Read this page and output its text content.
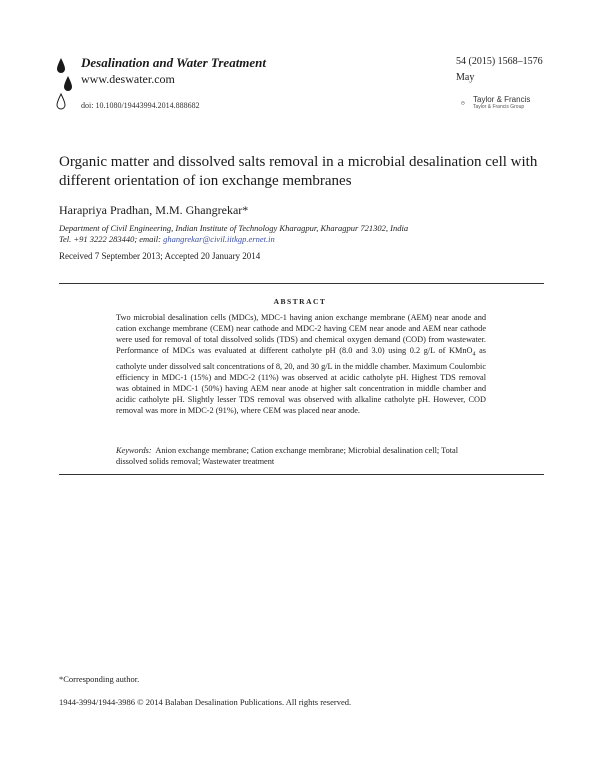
Desalination and Water Treatment
www.deswater.com
doi: 10.1080/19443994.2014.888682
54 (2015) 1568–1576
May
Taylor & Francis
Taylor & Francis Group
Organic matter and dissolved salts removal in a microbial desalination cell with different orientation of ion exchange membranes
Harapriya Pradhan, M.M. Ghangrekar*
Department of Civil Engineering, Indian Institute of Technology Kharagpur, Kharagpur 721302, India
Tel. +91 3222 283440; email: ghangrekar@civil.iitkgp.ernet.in
Received 7 September 2013; Accepted 20 January 2014
ABSTRACT
Two microbial desalination cells (MDCs), MDC-1 having anion exchange membrane (AEM) near anode and cation exchange membrane (CEM) near cathode and MDC-2 having CEM near anode and AEM near cathode were used for removal of total dissolved solids (TDS) and chemical oxygen demand (COD) from wastewater. Performance of MDCs was evaluated at different catholyte pH (8.0 and 3.0) using 0.2 g/L of KMnO$_4$ as catholyte under dissolved salt concentrations of 8, 20, and 30 g/L in the middle chamber. Maximum Coulombic efficiency in MDC-1 (15%) and MDC-2 (11%) was observed at acidic catholyte pH. Highest TDS removal was obtained in MDC-1 (50%) having AEM near anode at higher salt concentration in middle chamber and acidic catholyte pH. Slightly lesser TDS removal was observed with alkaline catholyte pH. However, COD removal was more in MDC-2 (91%), where CEM was placed near anode.
Keywords: Anion exchange membrane; Cation exchange membrane; Microbial desalination cell; Total dissolved solids removal; Wastewater treatment
*Corresponding author.
1944-3994/1944-3986 © 2014 Balaban Desalination Publications. All rights reserved.
